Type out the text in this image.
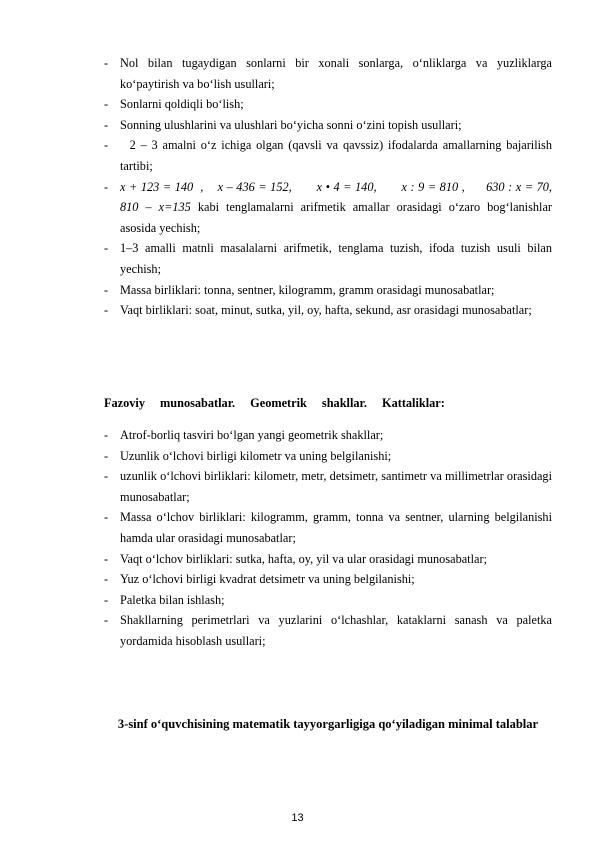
- Nol bilan tugaydigan sonlarni bir xonali sonlarga, o‘nliklarga va yuzliklarga ko‘paytirish va bo‘lish usullari;
- Sonlarni qoldiqli bo‘lish;
- Sonning ulushlarini va ulushlari bo‘yicha sonni o‘zini topish usullari;
- 2 – 3 amalni o‘z ichiga olgan (qavsli va qavssiz) ifodalarda amallarning bajarilish tartibi;
- x + 123 = 140  ,    x – 436 = 152,       x • 4 = 140,       x : 9 = 810 ,      630 : x = 70,   810 – x=135 kabi tenglamalarni arifmetik amallar orasidagi o‘zaro bog‘lanishlar asosida yechish;
- 1–3 amalli matnli masalalarni arifmetik, tenglama tuzish, ifoda tuzish usuli bilan yechish;
- Massa birliklari: tonna, sentner, kilogramm, gramm orasidagi munosabatlar;
- Vaqt birliklari: soat, minut, sutka, yil, oy, hafta, sekund, asr orasidagi munosabatlar;
Fazoviy munosabatlar. Geometrik shakllar. Kattaliklar:
- Atrof-borliq tasviri bo‘lgan yangi geometrik shakllar;
- Uzunlik o‘lchovi birligi kilometr va uning belgilanishi;
- uzunlik o‘lchovi birliklari: kilometr, metr, detsimetr, santimetr va millimetrlar orasidagi munosabatlar;
- Massa o‘lchov birliklari: kilogramm, gramm, tonna va sentner, ularning belgilanishi hamda ular orasidagi munosabatlar;
- Vaqt o‘lchov birliklari: sutka, hafta, oy, yil va ular orasidagi munosabatlar;
- Yuz o‘lchovi birligi kvadrat detsimetr va uning belgilanishi;
- Paletka bilan ishlash;
- Shakllarning perimetrlari va yuzlarini o‘lchashlar, kataklarni sanash va paletka yordamida hisoblash usullari;
3-sinf o‘quvchisining matematik tayyorgarligiga qo‘yiladigan minimal talablar
13
